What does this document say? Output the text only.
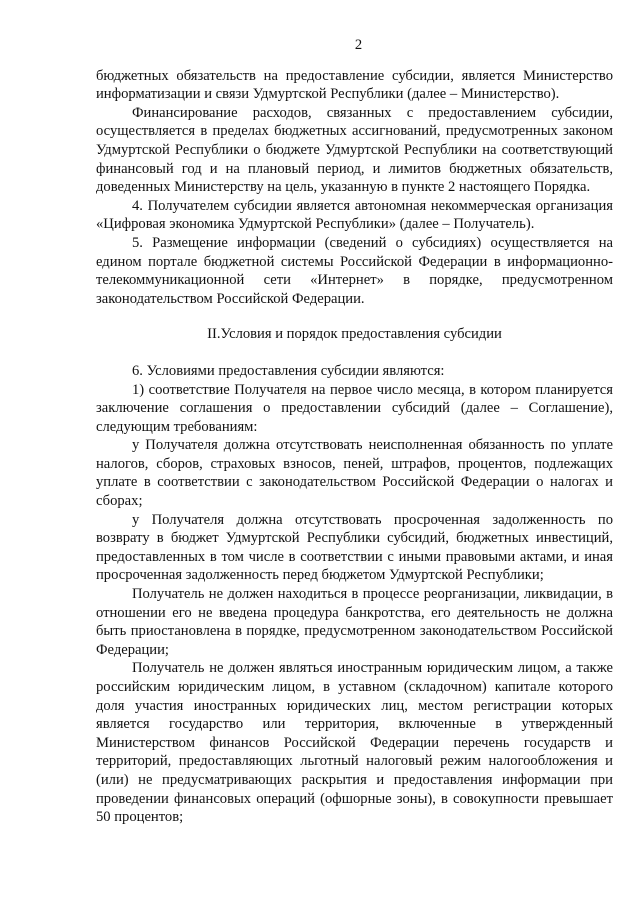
2

бюджетных обязательств на предоставление субсидии, является Министерство информатизации и связи Удмуртской Республики (далее – Министерство).

Финансирование расходов, связанных с предоставлением субсидии, осуществляется в пределах бюджетных ассигнований, предусмотренных законом Удмуртской Республики о бюджете Удмуртской Республики на соответствующий финансовый год и на плановый период, и лимитов бюджетных обязательств, доведенных Министерству на цель, указанную в пункте 2 настоящего Порядка.

4. Получателем субсидии является автономная некоммерческая организация «Цифровая экономика Удмуртской Республики» (далее – Получатель).

5. Размещение информации (сведений о субсидиях) осуществляется на едином портале бюджетной системы Российской Федерации в информационно-телекоммуникационной сети «Интернет» в порядке, предусмотренном законодательством Российской Федерации.

II.Условия и порядок предоставления субсидии

6. Условиями предоставления субсидии являются:

1) соответствие Получателя на первое число месяца, в котором планируется заключение соглашения о предоставлении субсидий (далее – Соглашение), следующим требованиям:

у Получателя должна отсутствовать неисполненная обязанность по уплате налогов, сборов, страховых взносов, пеней, штрафов, процентов, подлежащих уплате в соответствии с законодательством Российской Федерации о налогах и сборах;

у Получателя должна отсутствовать просроченная задолженность по возврату в бюджет Удмуртской Республики субсидий, бюджетных инвестиций, предоставленных в том числе в соответствии с иными правовыми актами, и иная просроченная задолженность перед бюджетом Удмуртской Республики;

Получатель не должен находиться в процессе реорганизации, ликвидации, в отношении его не введена процедура банкротства, его деятельность не должна быть приостановлена в порядке, предусмотренном законодательством Российской Федерации;

Получатель не должен являться иностранным юридическим лицом, а также российским юридическим лицом, в уставном (складочном) капитале которого доля участия иностранных юридических лиц, местом регистрации которых является государство или территория, включенные в утвержденный Министерством финансов Российской Федерации перечень государств и территорий, предоставляющих льготный налоговый режим налогообложения и (или) не предусматривающих раскрытия и предоставления информации при проведении финансовых операций (офшорные зоны), в совокупности превышает 50 процентов;
